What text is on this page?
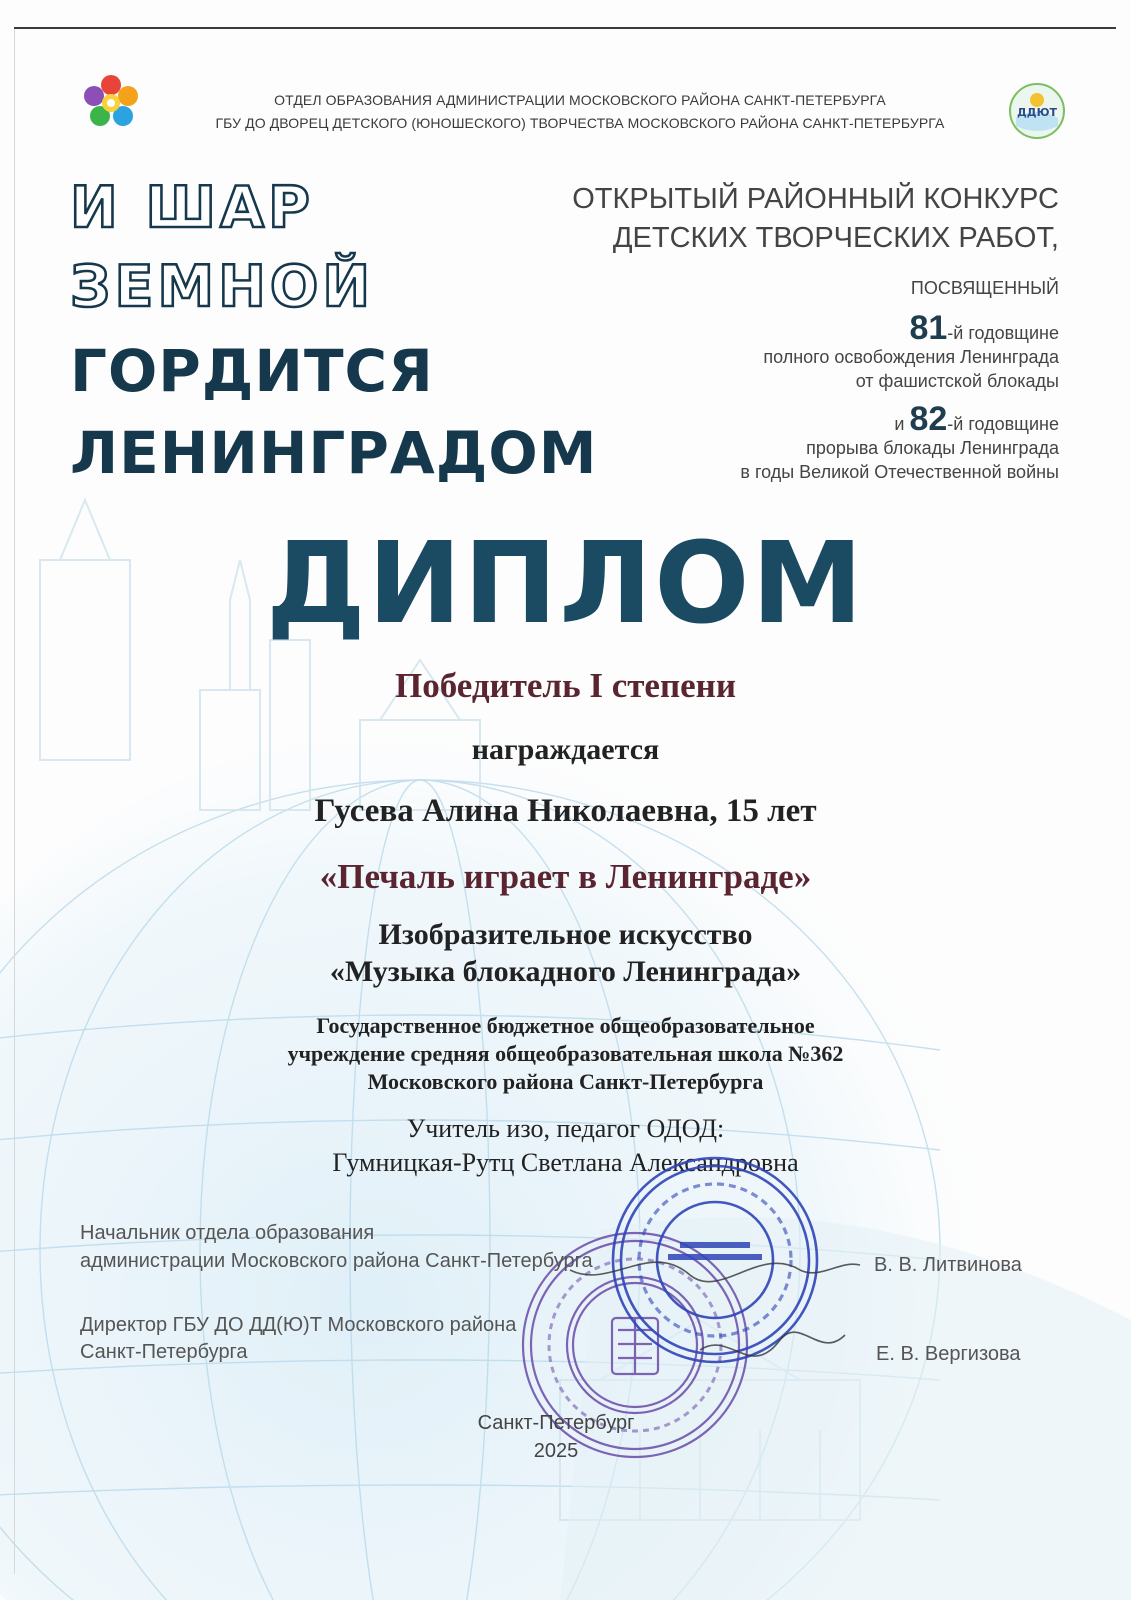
ДДЮТ
ОТДЕЛ ОБРАЗОВАНИЯ АДМИНИСТРАЦИИ МОСКОВСКОГО РАЙОНА САНКТ-ПЕТЕРБУРГА
ГБУ ДО ДВОРЕЦ ДЕТСКОГО (ЮНОШЕСКОГО) ТВОРЧЕСТВА МОСКОВСКОГО РАЙОНА САНКТ-ПЕТЕРБУРГА
И ШАР
ЗЕМНОЙ
ГОРДИТСЯ
ЛЕНИНГРАДОМ
ОТКРЫТЫЙ РАЙОННЫЙ КОНКУРС
ДЕТСКИХ ТВОРЧЕСКИХ РАБОТ,
ПОСВЯЩЕННЫЙ
81-й годовщине
полного освобождения Ленинграда
от фашистской блокады
и 82-й годовщине
прорыва блокады Ленинграда
в годы Великой Отечественной войны
ДИПЛОМ
Победитель I степени
награждается
Гусева Алина Николаевна, 15 лет
«Печаль играет в Ленинграде»
Изобразительное искусство
«Музыка блокадного Ленинграда»
Государственное бюджетное общеобразовательное
учреждение средняя общеобразовательная школа №362
Московского района Санкт-Петербурга
Учитель изо, педагог ОДОД:
Гумницкая-Рутц Светлана Александровна
Начальник отдела образования
администрации Московского района Санкт-Петербурга	В. В. Литвинова
Директор ГБУ ДО ДД(Ю)Т Московского района
Санкт-Петербурга	Е. В. Вергизова
Санкт-Петербург
2025
